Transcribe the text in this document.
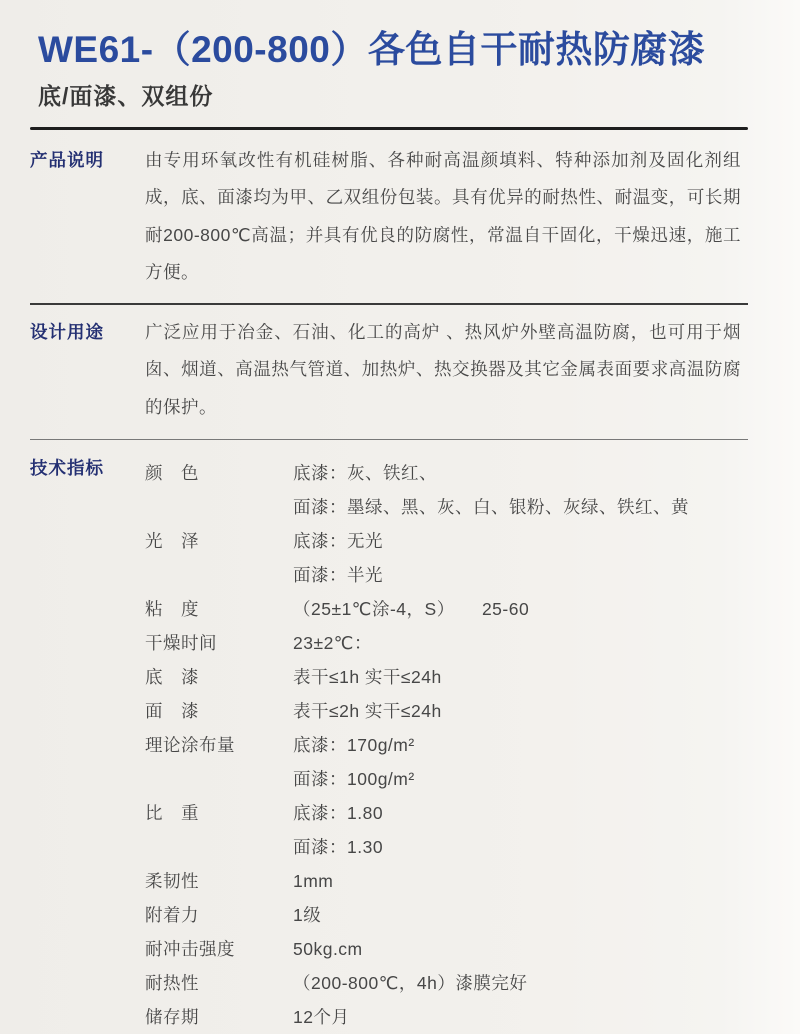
WE61-（200-800）各色自干耐热防腐漆
底/面漆、双组份
产品说明	由专用环氧改性有机硅树脂、各种耐高温颜填料、特种添加剂及固化剂组成，底、面漆均为甲、乙双组份包装。具有优异的耐热性、耐温变，可长期耐200-800℃高温；并具有优良的防腐性，常温自干固化，干燥迅速，施工方便。
设计用途	广泛应用于冶金、石油、化工的高炉 、热风炉外壁高温防腐，也可用于烟囱、烟道、高温热气管道、加热炉、热交换器及其它金属表面要求高温防腐的保护。
技术指标	颜　色	底漆：灰、铁红、
面漆：墨绿、黑、灰、白、银粉、灰绿、铁红、黄
光　泽	底漆：无光
面漆：半光
粘　度	（25±1℃涂-4，S）　　25-60
干燥时间	23±2℃：
底　漆	表干≤1h 实干≤24h
面　漆	表干≤2h 实干≤24h
理论涂布量	底漆：170g/m²
面漆：100g/m²
比　重	底漆：1.80
面漆：1.30
柔韧性	1mm
附着力	1级
耐冲击强度	50kg.cm
耐热性	（200-800℃，4h）漆膜完好
储存期	12个月
